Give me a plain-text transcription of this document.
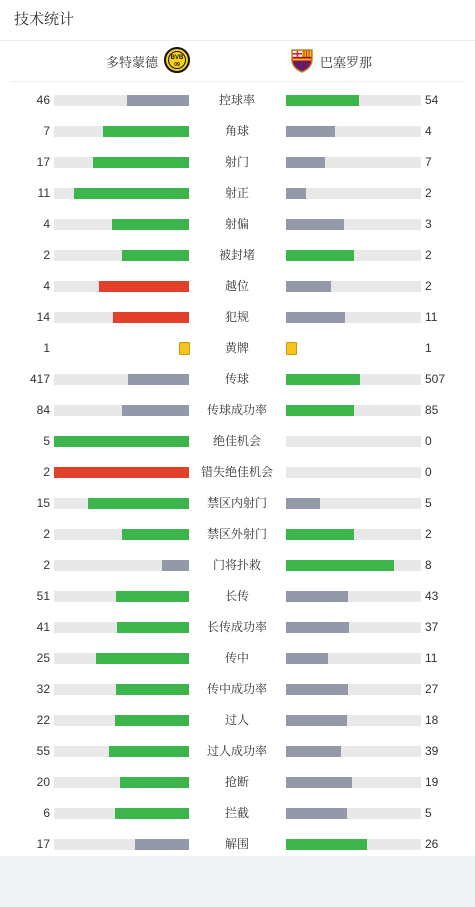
技术统计
多特蒙德 BVB
09	巴塞罗那
46	控球率	54
7	角球	4
17	射门	7
11	射正	2
4	射偏	3
2	被封堵	2
4	越位	2
14	犯规	11
1	黄牌	1
417	传球	507
84	传球成功率	85
5	绝佳机会	0
2	错失绝佳机会	0
15	禁区内射门	5
2	禁区外射门	2
2	门将扑救	8
51	长传	43
41	长传成功率	37
25	传中	11
32	传中成功率	27
22	过人	18
55	过人成功率	39
20	抢断	19
6	拦截	5
17	解围	26
